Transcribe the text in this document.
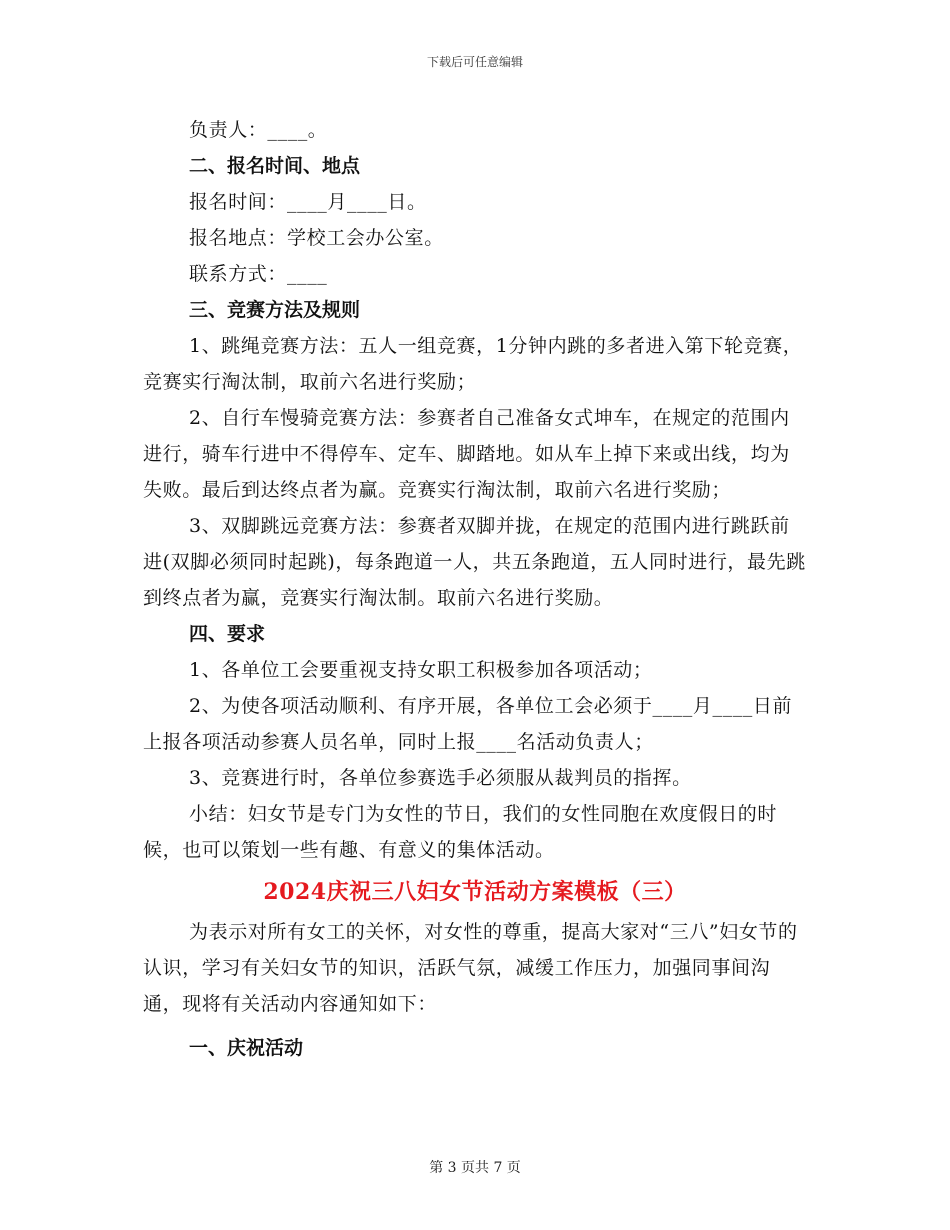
下载后可任意编辑

负责人：____。

二、报名时间、地点

报名时间：____月____日。

报名地点：学校工会办公室。

联系方式：____

三、竞赛方法及规则

1、跳绳竞赛方法：五人一组竞赛，1分钟内跳的多者进入第下轮竞赛，竞赛实行淘汰制，取前六名进行奖励；

2、自行车慢骑竞赛方法：参赛者自己准备女式坤车，在规定的范围内进行，骑车行进中不得停车、定车、脚踏地。如从车上掉下来或出线，均为失败。最后到达终点者为赢。竞赛实行淘汰制，取前六名进行奖励；

3、双脚跳远竞赛方法：参赛者双脚并拢，在规定的范围内进行跳跃前进(双脚必须同时起跳)，每条跑道一人，共五条跑道，五人同时进行，最先跳到终点者为赢，竞赛实行淘汰制。取前六名进行奖励。

四、要求

1、各单位工会要重视支持女职工积极参加各项活动；

2、为使各项活动顺利、有序开展，各单位工会必须于____月____日前上报各项活动参赛人员名单，同时上报____名活动负责人；

3、竞赛进行时，各单位参赛选手必须服从裁判员的指挥。

小结：妇女节是专门为女性的节日，我们的女性同胞在欢度假日的时候，也可以策划一些有趣、有意义的集体活动。

2024庆祝三八妇女节活动方案模板（三）

为表示对所有女工的关怀，对女性的尊重，提高大家对“三八”妇女节的认识，学习有关妇女节的知识，活跃气氛，减缓工作压力，加强同事间沟通，现将有关活动内容通知如下：

一、庆祝活动

第 3 页共 7 页
